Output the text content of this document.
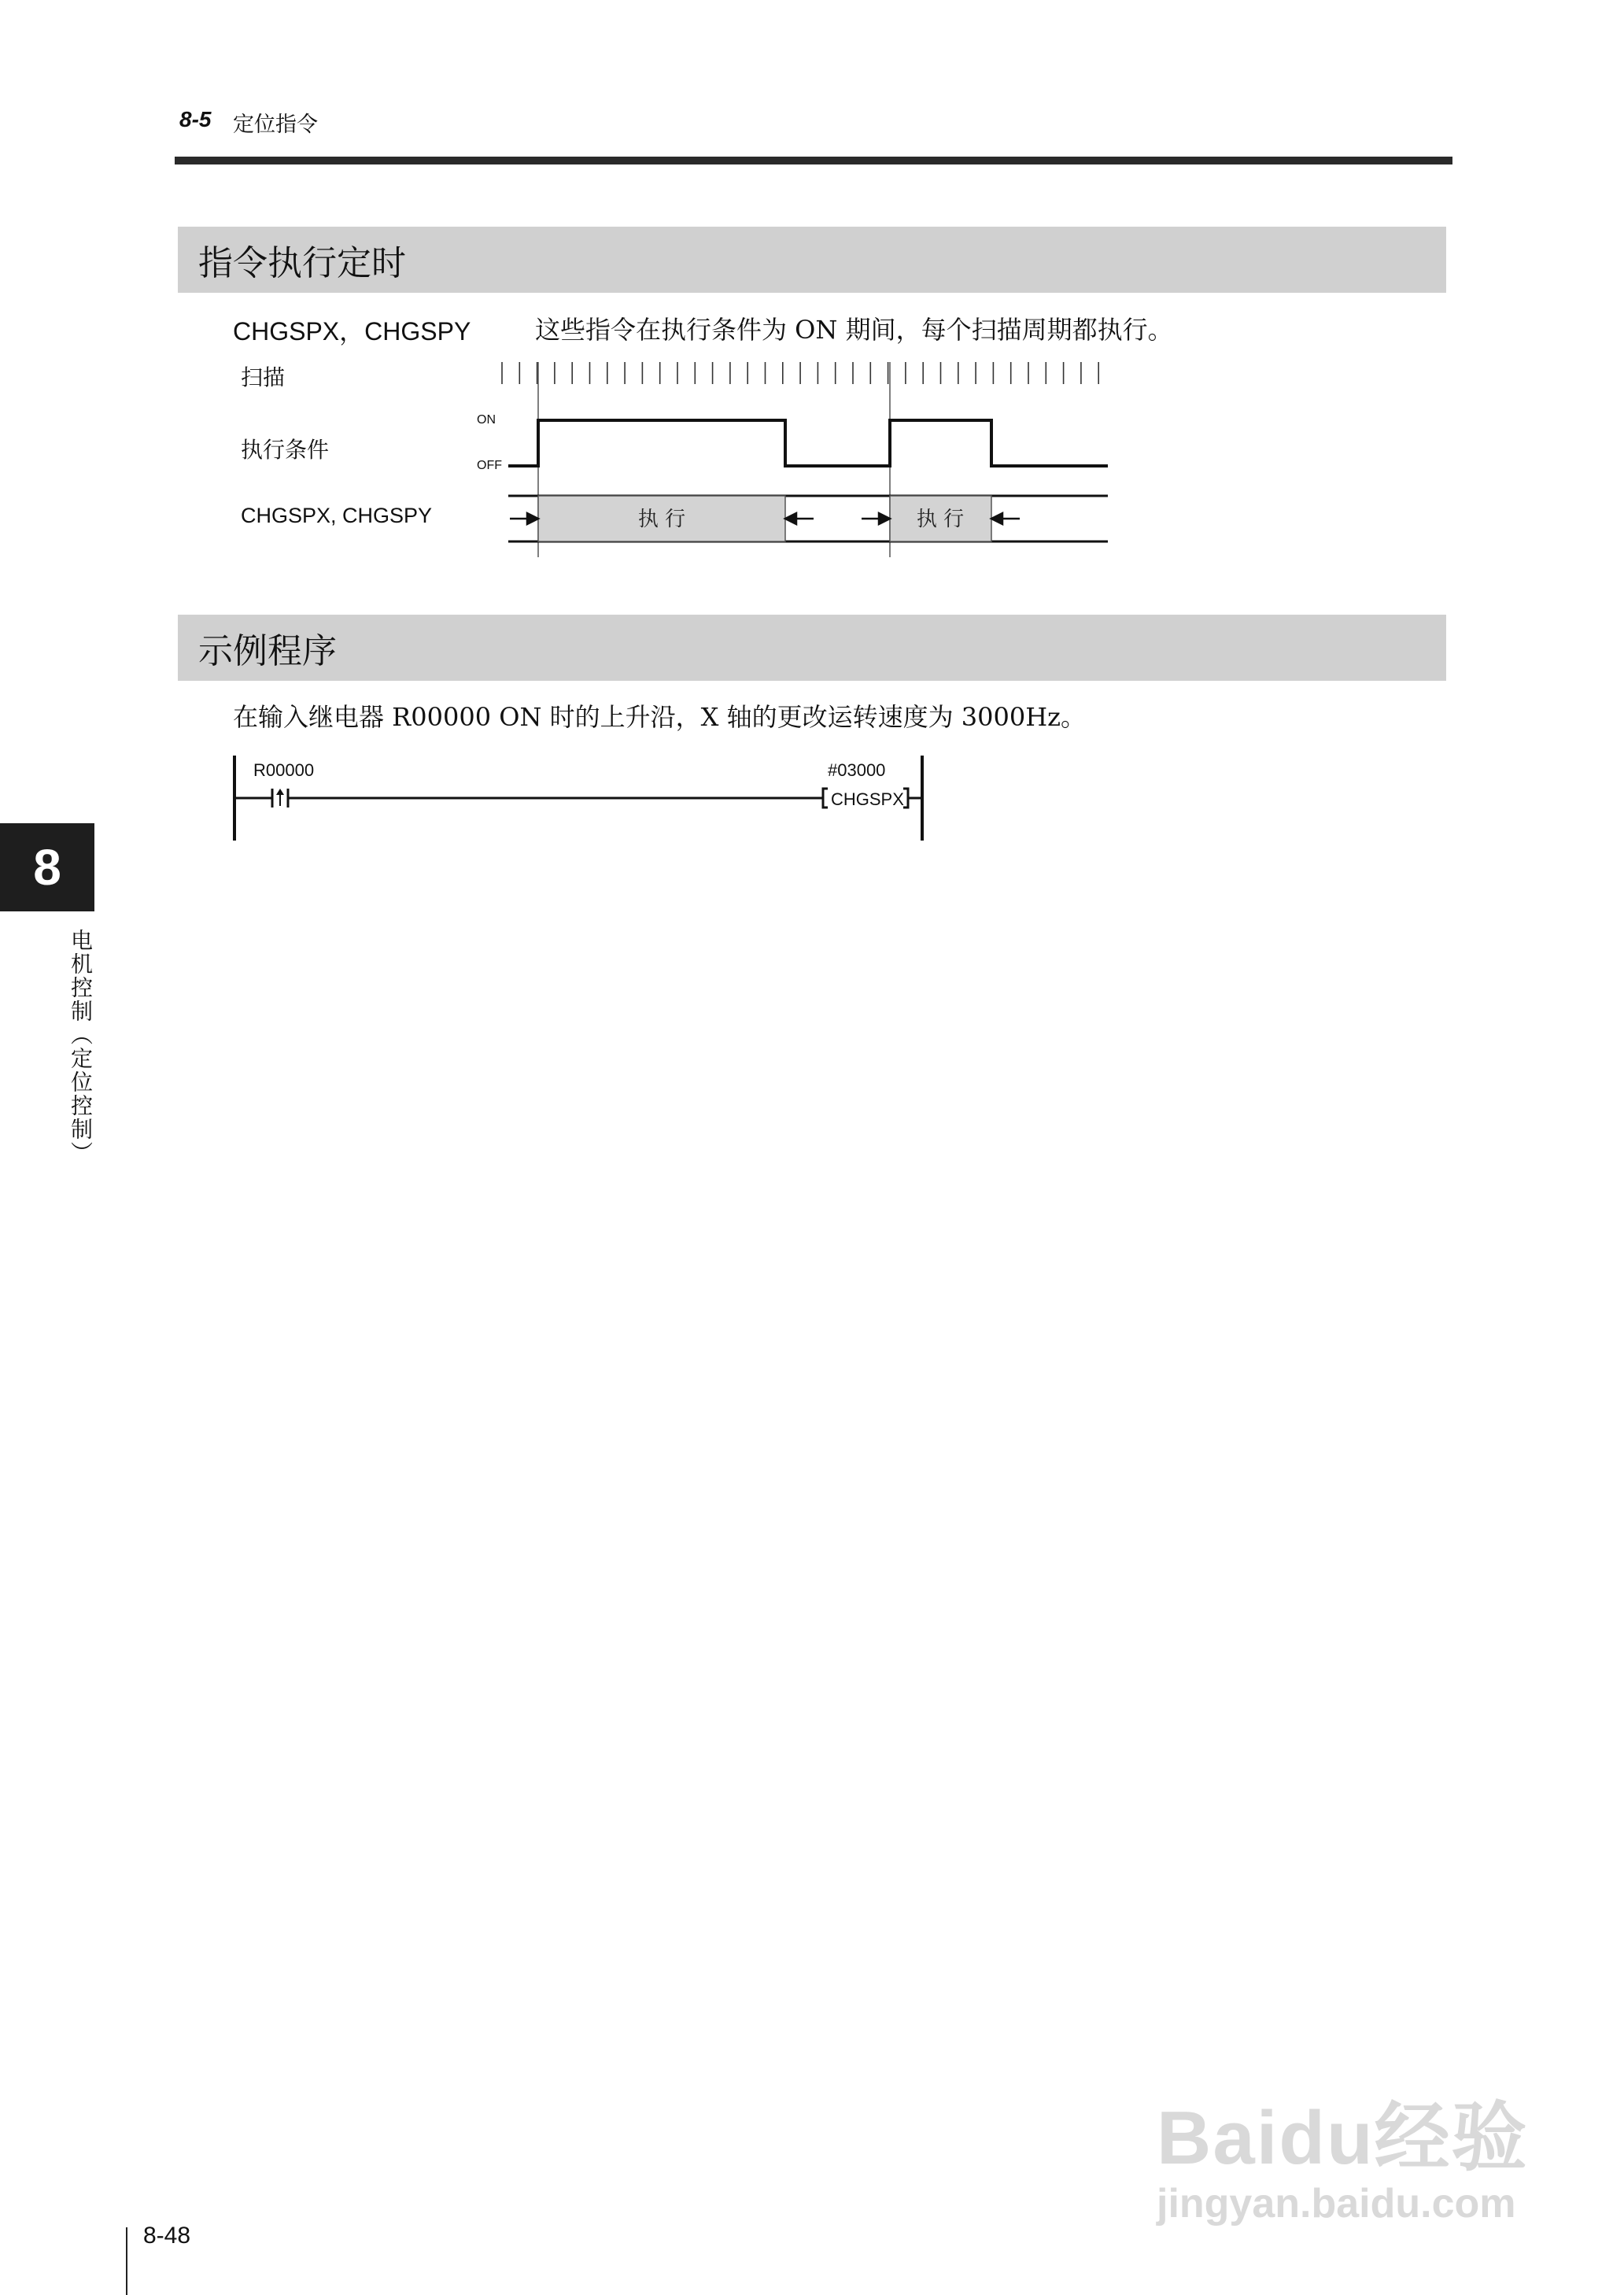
8-5 定位指令
指令执行定时
CHGSPX，CHGSPY	这些指令在执行条件为 ON 期间，每个扫描周期都执行。
扫描
执行条件
CHGSPX, CHGSPY
ON
OFF
执 行	执 行
示例程序
在输入继电器 R00000 ON 时的上升沿，X 轴的更改运转速度为 3000Hz。
R00000	#03000
CHGSPX
8
电机控制（定位控制）
8-48
Baidu经验
jingyan.baidu.com
